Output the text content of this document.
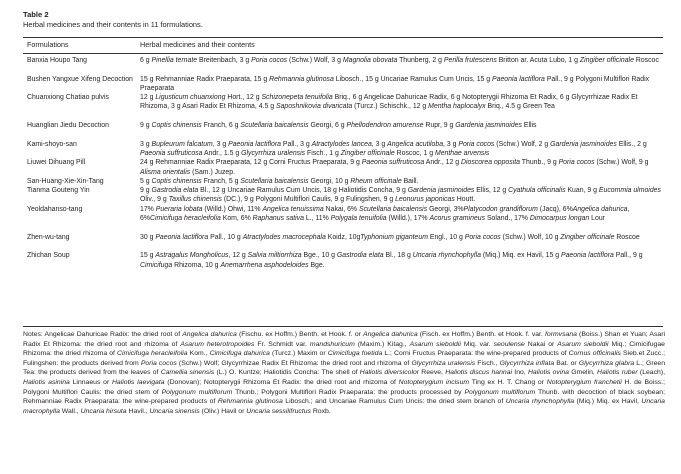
Table 2
Herbal medicines and their contents in 11 formulations.
Formulations	Herbal medicines and their contents
Banxia Houpo Tang	6 g Pinellia ternate Breitenbach, 3 g Poria cocos (Schw.) Wolf, 3 g Magnolia obovata Thunberg, 2 g Perilla frutescens Britton ar. Acuta Lubo, 1 g Zingiber officinale Roscoc
Bushen Yangxue Xifeng Decoction	15 g Rehmanniae Radix Praeparata, 15 g Rehmannia glutinosa Libosch., 15 g Uncariae Ramulus Cum Uncis, 15 g Paeonia lactiflora Pall., 9 g Polygoni Multiflori Radix Praeparata
Chuanxiong Chatiao pulvis	12 g Ligusticum chuanxiong Hort., 12 g Schizonepeta tenuifolia Briq., 6 g Angelicae Dahuricae Radix, 6 g Notopterygii Rhizoma Et Radix, 6 g Glycyrrhizae Radix Et Rhizoma, 3 g Asari Radix Et Rhizoma, 4.5 g Saposhnikovia divaricata (Turcz.) Schischk., 12 g Mentha haplocalyx Briq., 4.5 g Green Tea
Huanglian Jiedu Decoction	9 g Coptis chinensis Franch, 6 g Scutellaria baicalensis Georgi, 6 g Phellodendron amurense Rupr, 9 g Gardenia jasminoides Ellis
Kami-shoyo-san	3 g Bupleurum falcatum, 3 g Paeonia lactiflora Pall., 3 g Atractylodes lancea, 3 g Angelica acutiloba, 3 g Poria cocos (Schw.) Wolf, 2 g Gardenia jasminoides Ellis., 2 g Paeonia suffruticosa Andr., 1.5 g Glycyrrhiza uralensis Fisch., 1 g Zingiber officinale Roscoc, 1 g Menthae arvensis
Liuwei Dihuang Pill	24 g Rehmanniae Radix Praeparata, 12 g Corni Fructus Praeparata, 9 g Paeonia suffruticosa Andr., 12 g Dioscorea opposita Thunb., 9 g Poria cocos (Schw.) Wolf, 9 g Alisma orientalis (Sam.) Juzep.
San-Huang-Xie-Xin-Tang	5 g Coptis chinensis Franch, 5 g Scutellaria baicalensis Georgi, 10 g Rheum officinale Baill.
Tianma Gouteng Yin	9 g Gastrodia elata Bl., 12 g Uncariae Ramulus Cum Uncis, 18 g Haliotidis Concha, 9 g Gardenia jasminoides Ellis, 12 g Cyathula officinalis Kuan, 9 g Eucommia ulmoides Oliv., 9 g Taxillus chinensis (DC.), 9 g Polygoni Multiflori Caulis, 9 g Fulingshen, 9 g Leonurus japonicas Houtt.
Yeoldahanso-tang	17% Pueraria lobata (Willd.) Ohwi, 11% Angelica tenuissima Nakai, 6% Scutellaria baicalensis Georgi, 3%Platycodon grandiflorum (Jacq), 6%Angelica dahurica, 6%Cimicifuga heracleifolia Kom, 6% Raphanus sativa L., 11% Polygala tenuifolia (Willd.), 17% Acorus gramineus Soland., 17% Dimocarpus longan Lour
Zhen-wu-tang	30 g Paeonia lactiflora Pall., 10 g Atractylodes macrocephala Koidz, 10gTyphonium giganteum Engl., 10 g Poria cocos (Schw.) Wolf, 10 g Zingiber officinale Roscoe
Zhichan Soup	15 g Astragalus Mongholicus, 12 g Salvia miltiorrhiza Bge., 10 g Gastrodia elata Bl., 18 g Uncaria rhynchophylla (Miq.) Miq. ex Havil, 15 g Paeonia lactiflora Pall., 9 g Cimicifuga Rhizoma, 10 g Anemarrhena asphodeloides Bge.
Notes: Angelicae Dahuricae Radix: the dried root of Angelica dahurica (Fischu. ex Hoffm.) Benth. et Hook. f. or Angelica dahurica (Fisch. ex Hoffm.) Benth. et Hook. f. var. formvsana (Boiss.) Shan et Yuan; Asari Radix Et Rhizoma: the dried root and rhizoma of Asarum heterotropoides Fr. Schmidt var. mandshuricum (Maxim.) Kitag., Asarum sieboldii Miq. var. seoulense Nakai or Asarum sieboldii Miq.; Cimicifugae Rhizoma: the dried rhizoma of Cimicifuga heracleifolia Kom., Cimicifuga dahurica (Turcz.) Maxim or Cimicifuga foetida L.; Corni Fructus Praeparata: the wine-prepared products of Cornus officinalis Sieb.et Zucc.; Fulingshen: the products derived from Poria cocos (Schw.) Wolf; Glycyrrhizae Radix Et Rhizoma: the dried root and rhizoma of Glycyrrhiza uralensis Fisch., Glycyrrhiza inflata Bat. or Glycyrrhiza glabra L.; Green Tea: the products derived from the leaves of Camellia sinensis (L.) O. Kuntze; Haliotidis Concha: The shell of Haliotis diversicolor Reeve, Haliotis discus hannai Ino, Haliotis ovina Gmelin, Haliotis ruber (Leach), Haliotis asinina Linnaeus or Haliotis laevigata (Donovan); Notopterygii Rhizoma Et Radix: the dried root and rhizoma of Notopterygium incisum Ting ex H. T. Chang or Notopterygium franchetii H. de Boiss.; Polygoni Multiflori Caulis: the dried stem of Polygonum multiflorum Thunb.; Polygoni Multiflori Radix Praeparata: the products processed by Polygonum multiflorum Thunb. with decoction of black soybean; Rehmanniae Radix Praeparata: the wine-prepared products of Rehmannia glutinosa Libosch.; and Uncariae Ramulus Cum Uncis: the dried stem branch of Uncaria rhynchophylla (Miq.) Miq. ex Havil, Uncaria macrophylla Wall., Uncaria hirsuta Havil., Uncaria sinensis (Oliv.) Havil or Uncaria sessilifructus Roxb.
